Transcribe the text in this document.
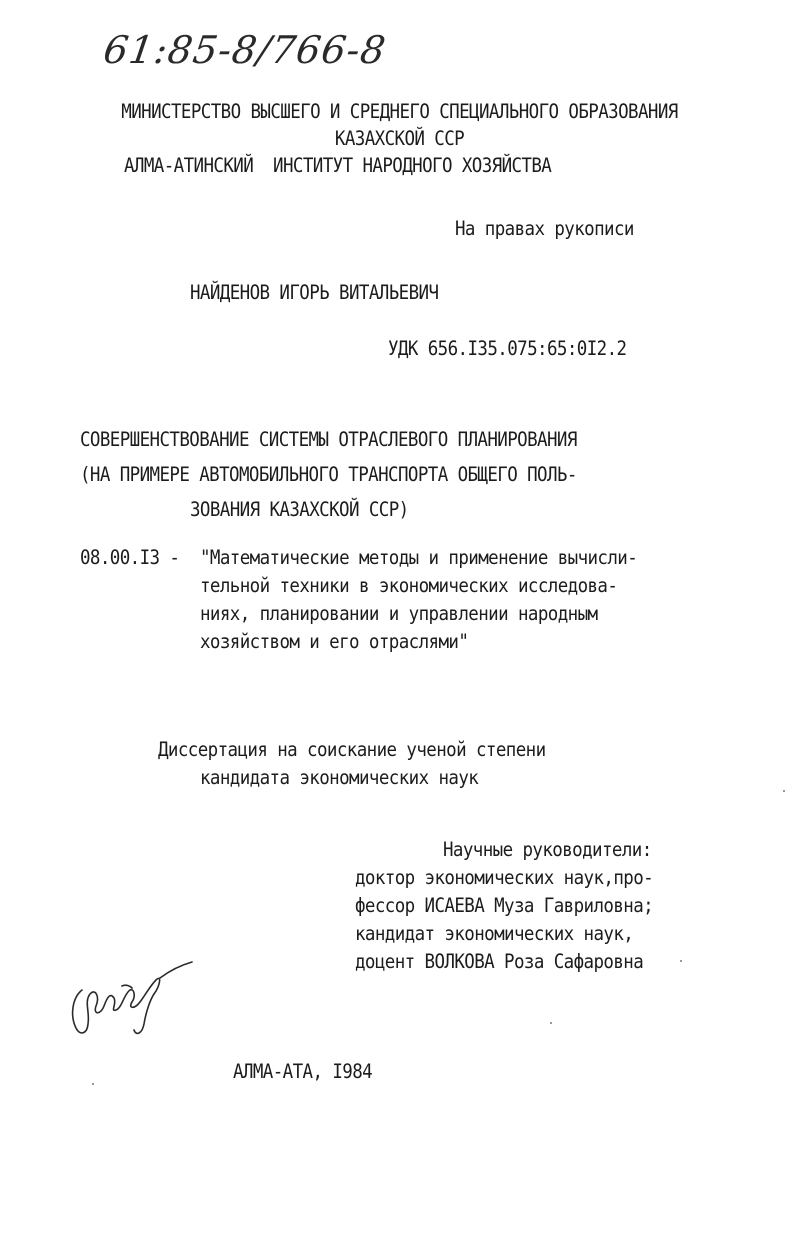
61:85-8/766-8
МИНИСТЕРСТВО ВЫСШЕГО И СРЕДНЕГО СПЕЦИАЛЬНОГО ОБРАЗОВАНИЯ
КАЗАХСКОЙ ССР
АЛМА-АТИНСКИЙ  ИНСТИТУТ НАРОДНОГО ХОЗЯЙСТВА
На правах рукописи
НАЙДЕНОВ ИГОРЬ ВИТАЛЬЕВИЧ
УДК 656.I35.075:65:0I2.2
СОВЕРШЕНСТВОВАНИЕ СИСТЕМЫ ОТРАСЛЕВОГО ПЛАНИРОВАНИЯ
(НА ПРИМЕРЕ АВТОМОБИЛЬНОГО ТРАНСПОРТА ОБЩЕГО ПОЛЬ-
ЗОВАНИЯ КАЗАХСКОЙ ССР)
08.00.I3 - "Математические методы и применение вычисли-
тельной техники в экономических исследова-
ниях, планировании и управлении народным
хозяйством и его отраслями"
Диссертация на соискание ученой степени
кандидата экономических наук
Научные руководители:
доктор экономических наук,про-
фессор ИСАЕВА Муза Гавриловна;
кандидат экономических наук,
доцент ВОЛКОВА Роза Сафаровна
АЛМА-АТА, I984
